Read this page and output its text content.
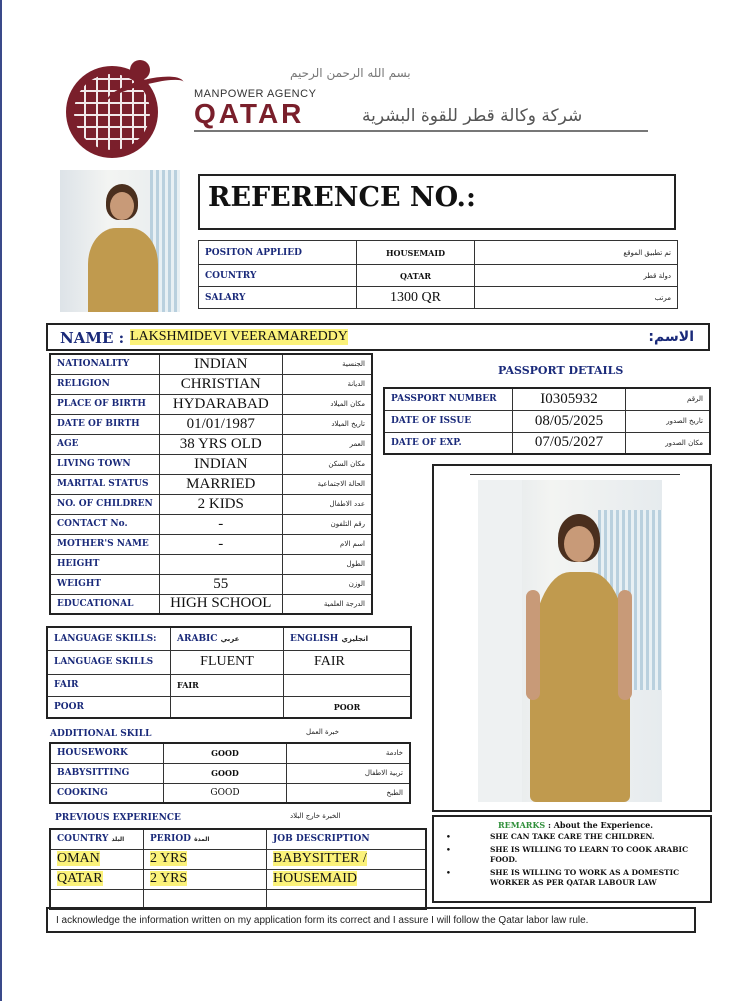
بسم الله الرحمن الرحيم
MANPOWER AGENCY
QATAR	شركة وكالة قطر للقوة البشرية
REFERENCE NO.:
POSITON APPLIED	HOUSEMAID	تم تطبيق الموقع
COUNTRY	QATAR	دولة قطر
SALARY	1300 QR	مرتب
NAME : LAKSHMIDEVI VEERAMAREDDY	الاسم:
NATIONALITY	INDIAN	الجنسية
RELIGION	CHRISTIAN	الديانة
PLACE OF BIRTH	HYDARABAD	مكان الميلاد
DATE OF BIRTH	01/01/1987	تاريخ الميلاد
AGE	38 YRS OLD	العمر
LIVING TOWN	INDIAN	مكان السكن
MARITAL STATUS	MARRIED	الحالة الاجتماعية
NO. OF CHILDREN	2 KIDS	عدد الاطفال
CONTACT No.	-	رقم التلفون
MOTHER'S NAME	-	اسم الام
HEIGHT		الطول
WEIGHT	55	الوزن
EDUCATIONAL	HIGH SCHOOL	الدرجة العلمية
PASSPORT DETAILS
PASSPORT NUMBER	I0305932	الرقم
DATE OF ISSUE	08/05/2025	تاريخ الصدور
DATE OF EXP.	07/05/2027	مكان الصدور
LANGUAGE SKILLS:	ARABIC عربي	ENGLISH انجليزي
LANGUAGE SKILLS	FLUENT	FAIR
FAIR	FAIR	
POOR		POOR
ADDITIONAL SKILL	خبرة العمل
HOUSEWORK	GOOD	خادمة
BABYSITTING	GOOD	تربية الاطفال
COOKING	GOOD	الطبخ
PREVIOUS EXPERIENCE	الخبرة خارج البلاد
COUNTRY البلد	PERIOD المدة	JOB DESCRIPTION
OMAN	2 YRS	BABYSITTER /
QATAR	2 YRS	HOUSEMAID

REMARKS : About the Experience.
•	SHE CAN TAKE CARE THE CHILDREN.
•	SHE IS WILLING TO LEARN TO COOK ARABIC FOOD.
•	SHE IS WILLING TO WORK AS A DOMESTIC WORKER AS PER QATAR LABOUR LAW
I acknowledge the information written on my application form its correct and I assure I will follow the Qatar labor law rule.
